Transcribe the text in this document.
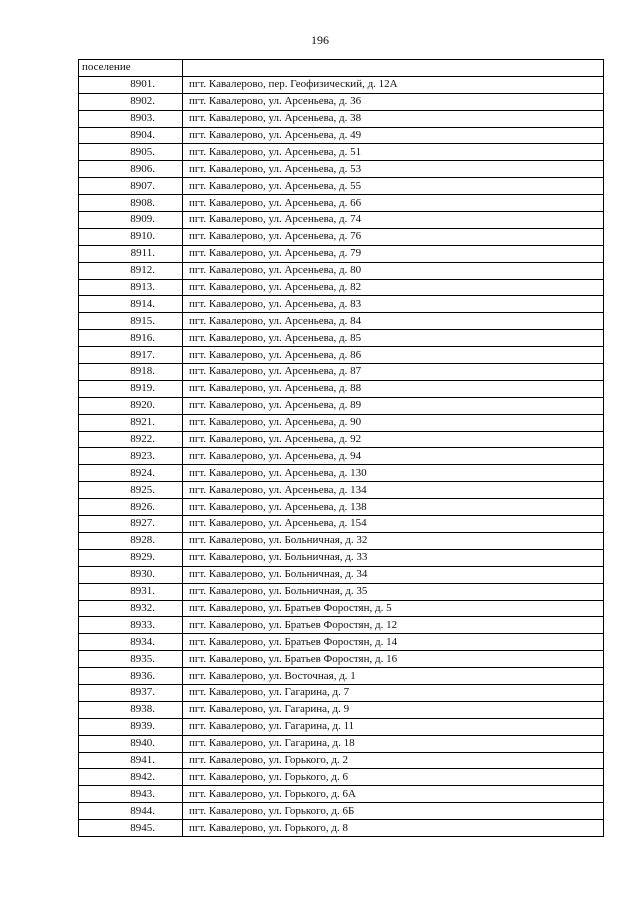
196
поселение	
8901.	пгт. Кавалерово, пер. Геофизический, д. 12А
8902.	пгт. Кавалерово, ул. Арсеньева, д. 36
8903.	пгт. Кавалерово, ул. Арсеньева, д. 38
8904.	пгт. Кавалерово, ул. Арсеньева, д. 49
8905.	пгт. Кавалерово, ул. Арсеньева, д. 51
8906.	пгт. Кавалерово, ул. Арсеньева, д. 53
8907.	пгт. Кавалерово, ул. Арсеньева, д. 55
8908.	пгт. Кавалерово, ул. Арсеньева, д. 66
8909.	пгт. Кавалерово, ул. Арсеньева, д. 74
8910.	пгт. Кавалерово, ул. Арсеньева, д. 76
8911.	пгт. Кавалерово, ул. Арсеньева, д. 79
8912.	пгт. Кавалерово, ул. Арсеньева, д. 80
8913.	пгт. Кавалерово, ул. Арсеньева, д. 82
8914.	пгт. Кавалерово, ул. Арсеньева, д. 83
8915.	пгт. Кавалерово, ул. Арсеньева, д. 84
8916.	пгт. Кавалерово, ул. Арсеньева, д. 85
8917.	пгт. Кавалерово, ул. Арсеньева, д. 86
8918.	пгт. Кавалерово, ул. Арсеньева, д. 87
8919.	пгт. Кавалерово, ул. Арсеньева, д. 88
8920.	пгт. Кавалерово, ул. Арсеньева, д. 89
8921.	пгт. Кавалерово, ул. Арсеньева, д. 90
8922.	пгт. Кавалерово, ул. Арсеньева, д. 92
8923.	пгт. Кавалерово, ул. Арсеньева, д. 94
8924.	пгт. Кавалерово, ул. Арсеньева, д. 130
8925.	пгт. Кавалерово, ул. Арсеньева, д. 134
8926.	пгт. Кавалерово, ул. Арсеньева, д. 138
8927.	пгт. Кавалерово, ул. Арсеньева, д. 154
8928.	пгт. Кавалерово, ул. Больничная, д. 32
8929.	пгт. Кавалерово, ул. Больничная, д. 33
8930.	пгт. Кавалерово, ул. Больничная, д. 34
8931.	пгт. Кавалерово, ул. Больничная, д. 35
8932.	пгт. Кавалерово, ул. Братьев Форостян, д. 5
8933.	пгт. Кавалерово, ул. Братьев Форостян, д. 12
8934.	пгт. Кавалерово, ул. Братьев Форостян, д. 14
8935.	пгт. Кавалерово, ул. Братьев Форостян, д. 16
8936.	пгт. Кавалерово, ул. Восточная, д. 1
8937.	пгт. Кавалерово, ул. Гагарина, д. 7
8938.	пгт. Кавалерово, ул. Гагарина, д. 9
8939.	пгт. Кавалерово, ул. Гагарина, д. 11
8940.	пгт. Кавалерово, ул. Гагарина, д. 18
8941.	пгт. Кавалерово, ул. Горького, д. 2
8942.	пгт. Кавалерово, ул. Горького, д. 6
8943.	пгт. Кавалерово, ул. Горького, д. 6А
8944.	пгт. Кавалерово, ул. Горького, д. 6Б
8945.	пгт. Кавалерово, ул. Горького, д. 8
